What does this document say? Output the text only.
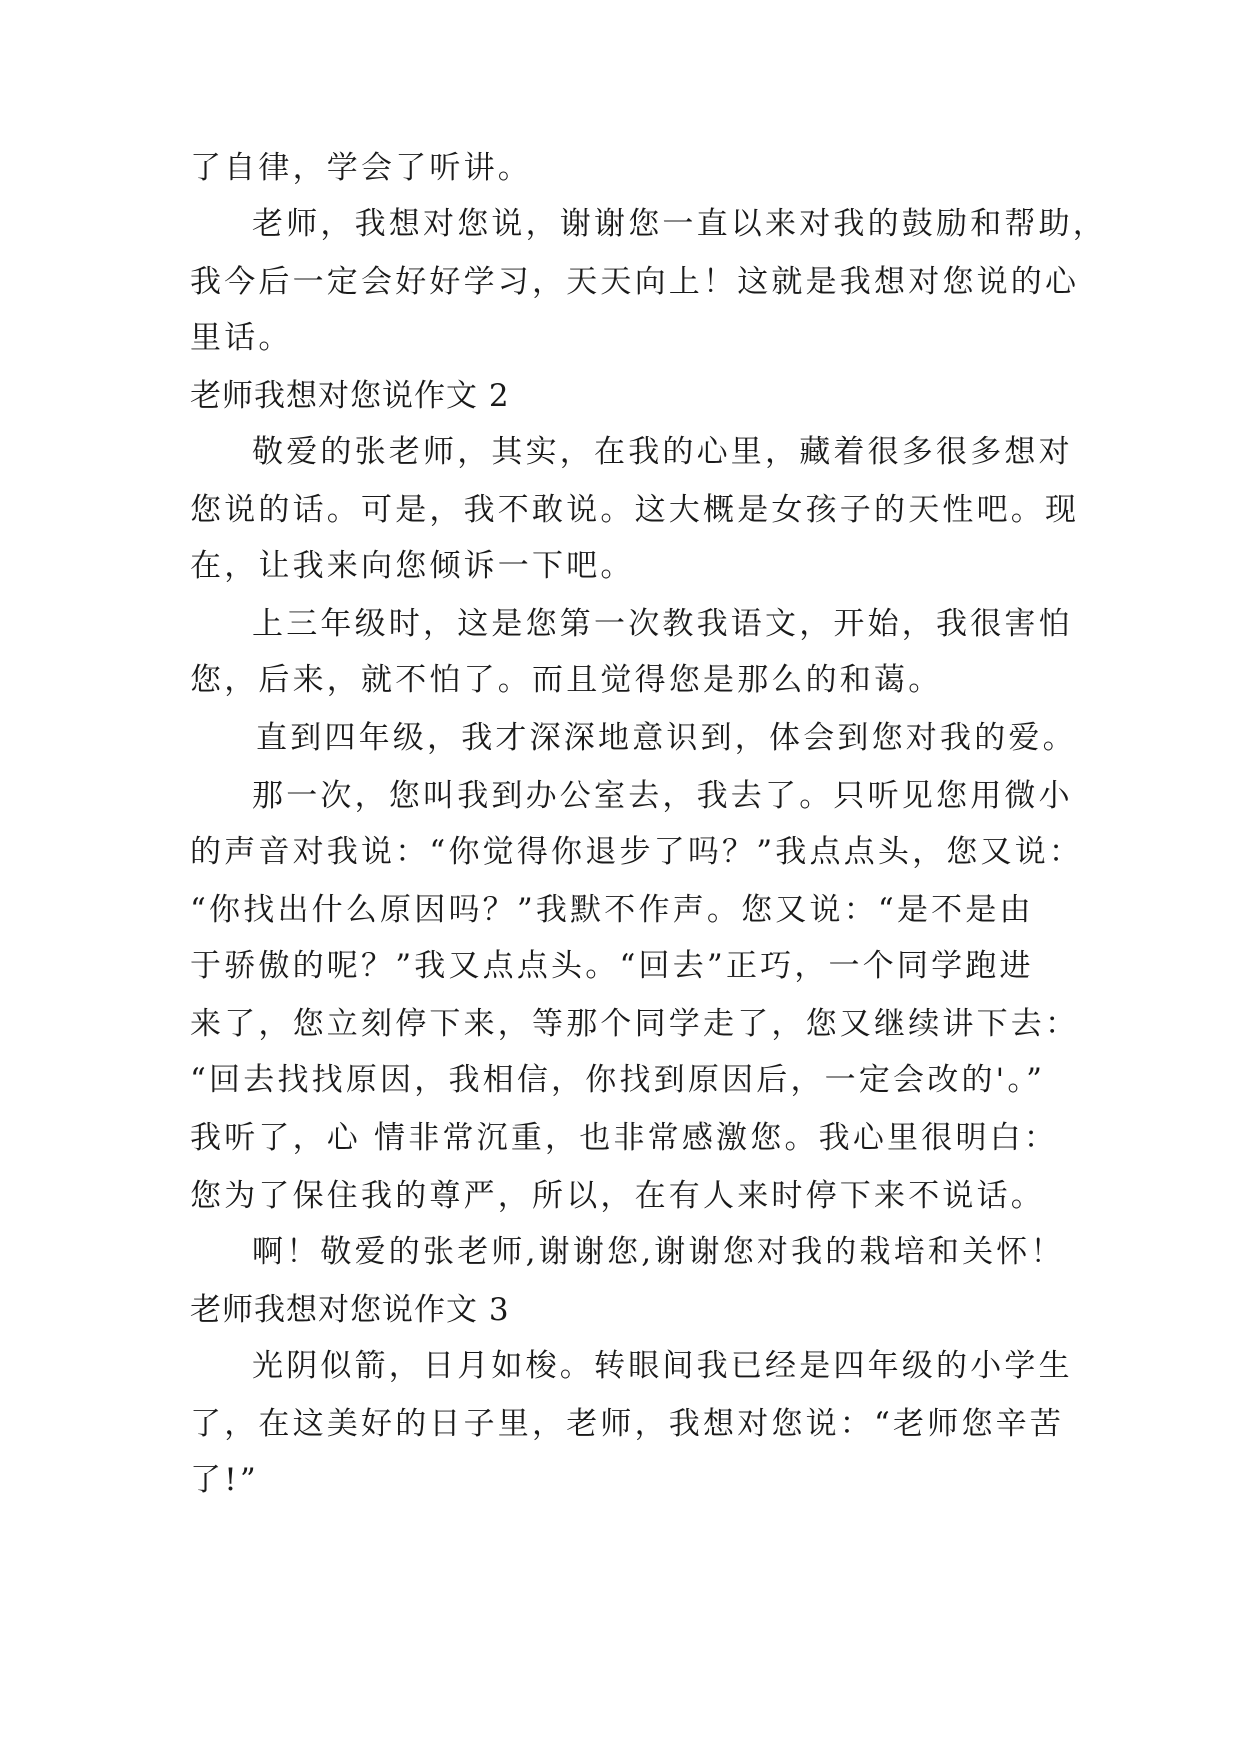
了自律，学会了听讲。
老师，我想对您说，谢谢您一直以来对我的鼓励和帮助，
我今后一定会好好学习，天天向上！这就是我想对您说的心
里话。
老师我想对您说作文 2
敬爱的张老师，其实，在我的心里，藏着很多很多想对
您说的话。可是，我不敢说。这大概是女孩子的天性吧。现
在，让我来向您倾诉一下吧。
上三年级时，这是您第一次教我语文，开始，我很害怕
您，后来，就不怕了。而且觉得您是那么的和蔼。
直到四年级，我才深深地意识到，体会到您对我的爱。
那一次，您叫我到办公室去，我去了。只听见您用微小
的声音对我说：“你觉得你退步了吗？”我点点头，您又说：
“你找出什么原因吗？”我默不作声。您又说：“是不是由
于骄傲的呢？”我又点点头。“回去”正巧，一个同学跑进
来了，您立刻停下来，等那个同学走了，您又继续讲下去：
“回去找找原因，我相信，你找到原因后，一定会改的'。”
我听了，心 情非常沉重，也非常感激您。我心里很明白：
您为了保住我的尊严，所以，在有人来时停下来不说话。
啊！敬爱的张老师,谢谢您,谢谢您对我的栽培和关怀！
老师我想对您说作文 3
光阴似箭，日月如梭。转眼间我已经是四年级的小学生
了，在这美好的日子里，老师，我想对您说：“老师您辛苦
了!”
